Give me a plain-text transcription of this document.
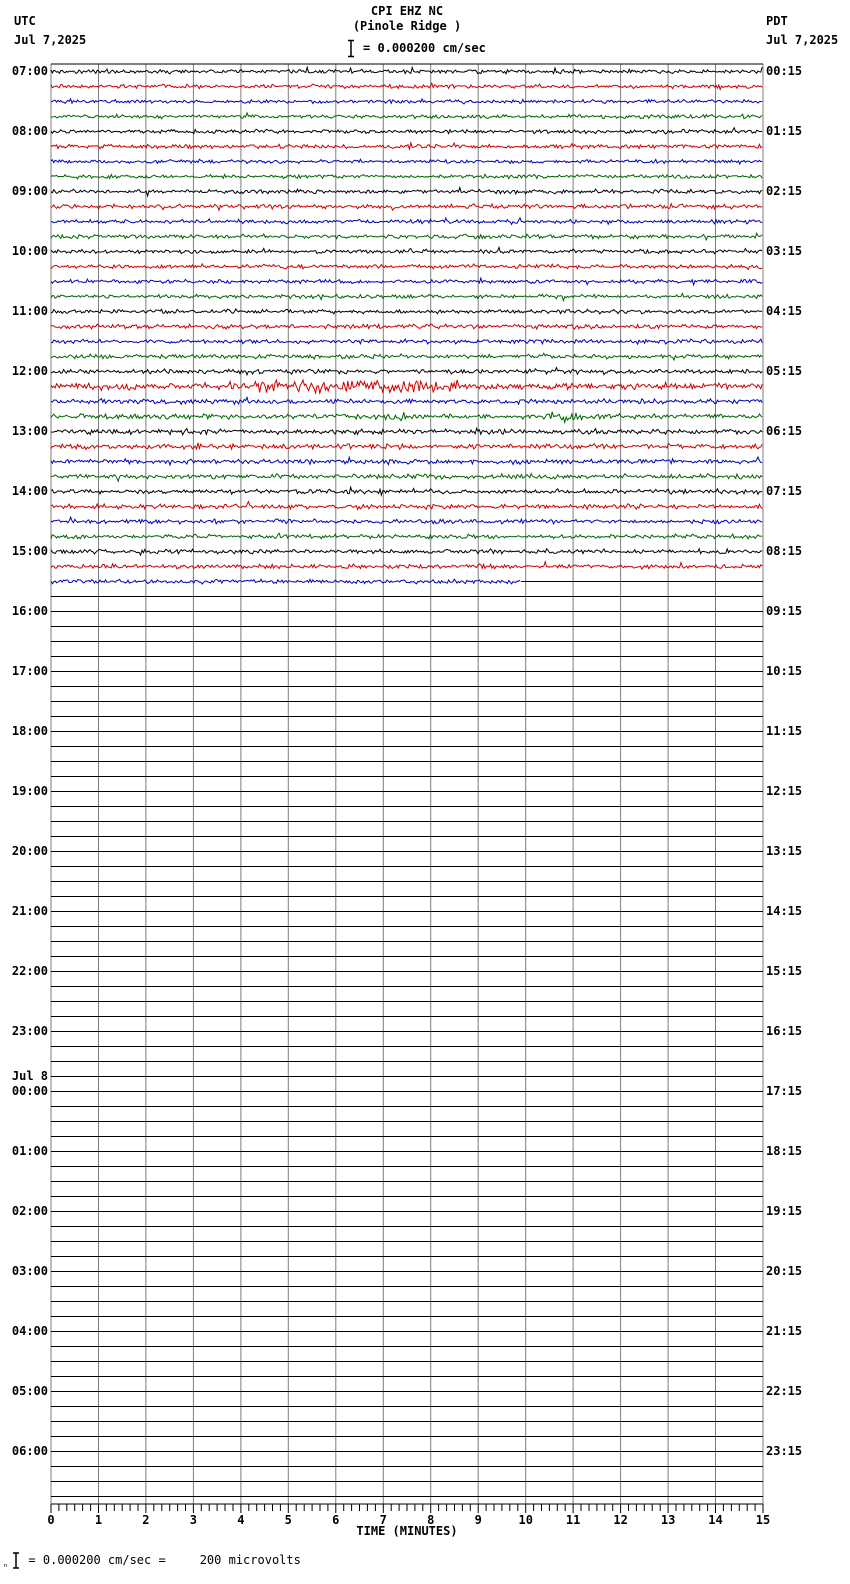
UTC
Jul 7,2025
PDT
Jul 7,2025
CPI EHZ NC
(Pinole Ridge )
= 0.000200 cm/sec
0	1	2	3	4	5	6	7	8	9	10	11	12	13	14	15
07:00
08:00
09:00
10:00
11:00
12:00
13:00
14:00
15:00
16:00
17:00
18:00
19:00
20:00
21:00
22:00
23:00
Jul 8
00:00
01:00
02:00
03:00
04:00
05:00
06:00
00:15
01:15
02:15
03:15
04:15
05:15
06:15
07:15
08:15
09:15
10:15
11:15
12:15
13:15
14:15
15:15
16:15
17:15
18:15
19:15
20:15
21:15
22:15
23:15
TIME (MINUTES)
ₙ = 0.000200 cm/sec =	200 microvolts
